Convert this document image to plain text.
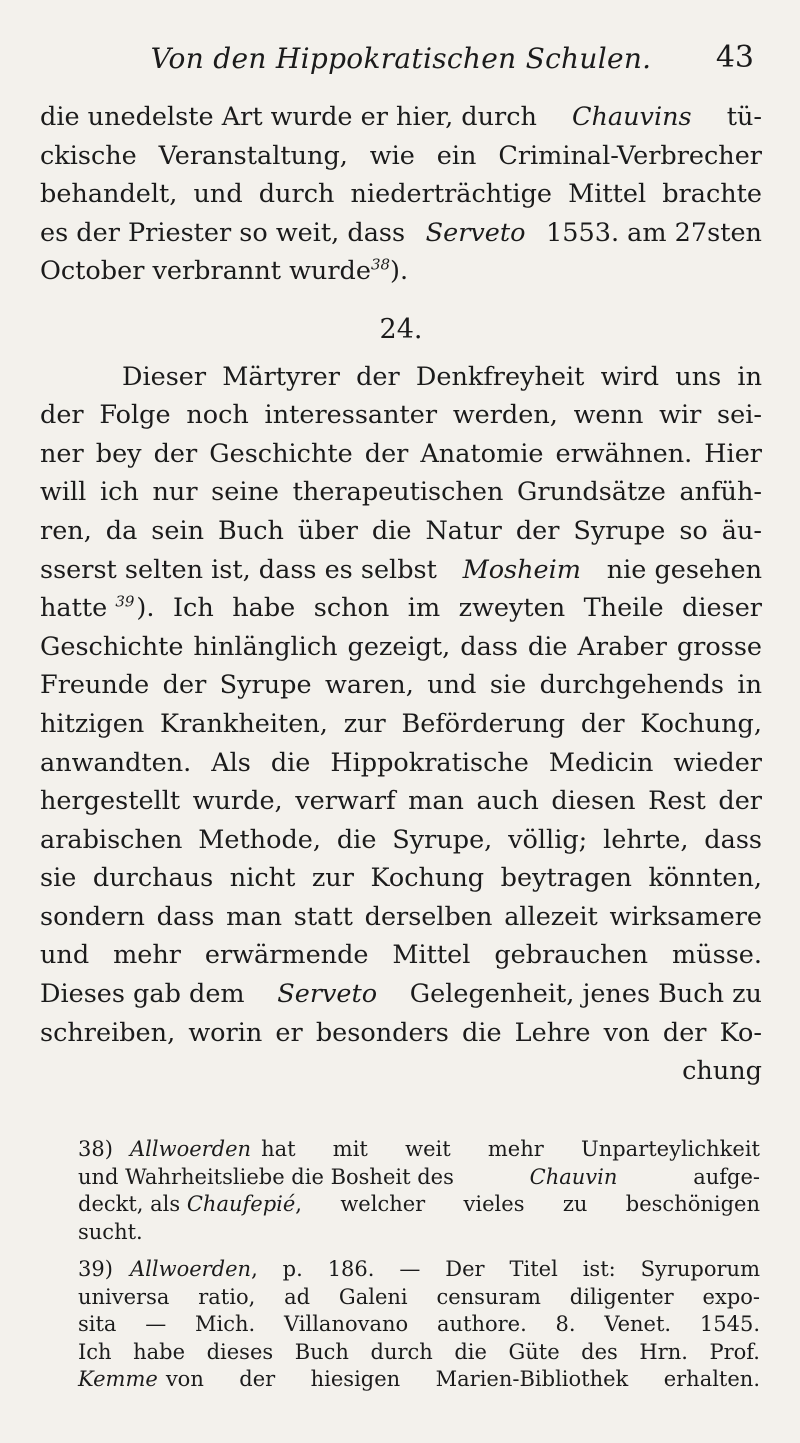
Von den Hippokratischen Schulen.	43
die unedelste Art wurde er hier, durch Chauvins tü-
ckische Veranstaltung, wie ein Criminal-Verbrecher
behandelt, und durch niederträchtige Mittel brachte
es der Priester so weit, dass Serveto 1553. am 27sten
October verbrannt wurde$^{38}$).
24.
Dieser Märtyrer der Denkfreyheit wird uns in
der Folge noch interessanter werden, wenn wir sei-
ner bey der Geschichte der Anatomie erwähnen. Hier
will ich nur seine therapeutischen Grundsätze anfüh-
ren, da sein Buch über die Natur der Syrupe so äu-
sserst selten ist, dass es selbst Mosheim nie gesehen
hatte $^{39}$ ). Ich habe schon im zweyten Theile dieser
Geschichte hinlänglich gezeigt, dass die Araber grosse
Freunde der Syrupe waren, und sie durchgehends in
hitzigen Krankheiten, zur Beförderung der Kochung,
anwandten. Als die Hippokratische Medicin wieder
hergestellt wurde, verwarf man auch diesen Rest der
arabischen Methode, die Syrupe, völlig; lehrte, dass
sie durchaus nicht zur Kochung beytragen könnten,
sondern dass man statt derselben allezeit wirksamere
und mehr erwärmende Mittel gebrauchen müsse.
Dieses gab dem Serveto Gelegenheit, jenes Buch zu
schreiben, worin er besonders die Lehre von der Ko-
chung
38) Allwoerden hat mit weit mehr Unparteylichkeit
und Wahrheitsliebe die Bosheit des	Chauvin	aufge-
deckt, als Chaufepié , welcher vieles zu beschönigen
sucht.
39) Allwoerden , p. 186. — Der Titel ist: Syruporum
universa ratio, ad Galeni censuram diligenter expo-
sita — Mich. Villanovano authore. 8. Venet. 1545.
Ich habe dieses Buch durch die Güte des Hrn. Prof.
Kemme von der hiesigen Marien-Bibliothek erhalten.
